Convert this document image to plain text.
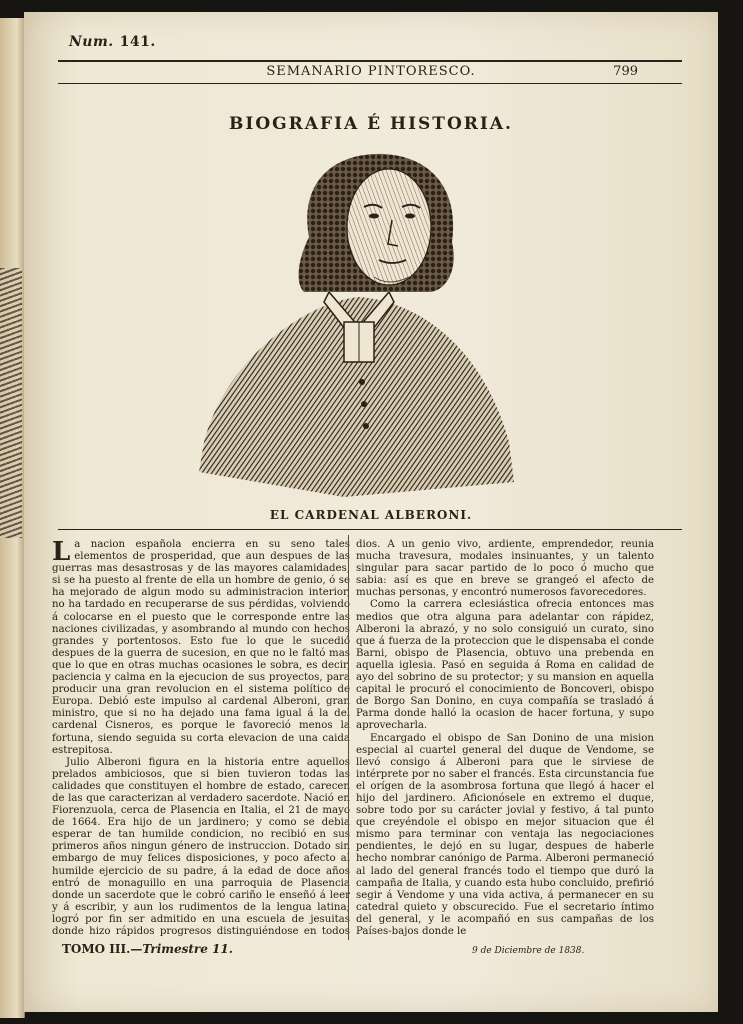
Num. 141.
SEMANARIO PINTORESCO.	799
BIOGRAFIA É HISTORIA.
EL CARDENAL ALBERONI.

La nacion española encierra en su seno tales elementos de prosperidad, que aun despues de las guerras mas desastrosas y de las mayores calamidades, si se ha puesto al frente de ella un hombre de genio, ó se ha mejorado de algun modo su administracion interior, no ha tardado en recuperarse de sus pérdidas, volviendo á colocarse en el puesto que le corresponde entre las naciones civilizadas, y asombrando al mundo con hechos grandes y portentosos. Esto fue lo que le sucedió despues de la guerra de sucesion, en que no le faltó mas que lo que en otras muchas ocasiones le sobra, es decir, paciencia y calma en la ejecucion de sus proyectos, para producir una gran revolucion en el sistema político de Europa. Debió este impulso al cardenal Alberoni, gran ministro, que si no ha dejado una fama igual á la del cardenal Cisneros, es porque le favoreció menos la fortuna, siendo seguida su corta elevacion de una caida estrepitosa.

Julio Alberoni figura en la historia entre aquellos prelados ambiciosos, que si bien tuvieron todas las calidades que constituyen el hombre de estado, carecen de las que caracterizan al verdadero sacerdote. Nació en Fiorenzuola, cerca de Plasencia en Italia, el 21 de mayo de 1664. Era hijo de un jardinero; y como se debia esperar de tan humilde condicion, no recibió en sus primeros años ningun género de instruccion. Dotado sin embargo de muy felices disposiciones, y poco afecto al humilde ejercicio de su padre, á la edad de doce años entró de monaguillo en una parroquia de Plasencia donde un sacerdote que le cobró cariño le enseñó á leer y á escribir, y aun los rudimentos de la lengua latina; logró por fin ser admitido en una escuela de jesuitas donde hizo rápidos progresos distinguiéndose en todos

dios. A un genio vivo, ardiente, emprendedor, reunia mucha travesura, modales insinuantes, y un talento singular para sacar partido de lo poco ó mucho que sabia: así es que en breve se grangeó el afecto de muchas personas, y encontró numerosos favorecedores.

Como la carrera eclesiástica ofrecia entonces mas medios que otra alguna para adelantar con rápidez, Alberoni la abrazó, y no solo consiguió un curato, sino que á fuerza de la proteccion que le dispensaba el conde Barni, obispo de Plasencia, obtuvo una prebenda en aquella iglesia. Pasó en seguida á Roma en calidad de ayo del sobrino de su protector; y su mansion en aquella capital le procuró el conocimiento de Boncoveri, obispo de Borgo San Donino, en cuya compañía se trasladó á Parma donde halló la ocasion de hacer fortuna, y supo aprovecharla.

Encargado el obispo de San Donino de una mision especial al cuartel general del duque de Vendome, se llevó consigo á Alberoni para que le sirviese de intérprete por no saber el francés. Esta circunstancia fue el orígen de la asombrosa fortuna que llegó á hacer el hijo del jardinero. Aficionósele en extremo el duque, sobre todo por su carácter jovial y festivo, á tal punto que creyéndole el obispo en mejor situacion que él mismo para terminar con ventaja las negociaciones pendientes, le dejó en su lugar, despues de haberle hecho nombrar canónigo de Parma. Alberoni permaneció al lado del general francés todo el tiempo que duró la campaña de Italia, y cuando esta hubo concluido, prefirió segir á Vendome y una vida activa, á permanecer en su catedral quieto y obscurecido. Fue el secretario íntimo del general, y le acompañó en sus campañas de los Países-bajos donde le

TOMO III.—Trimestre 11.	9 de Diciembre de 1838.
